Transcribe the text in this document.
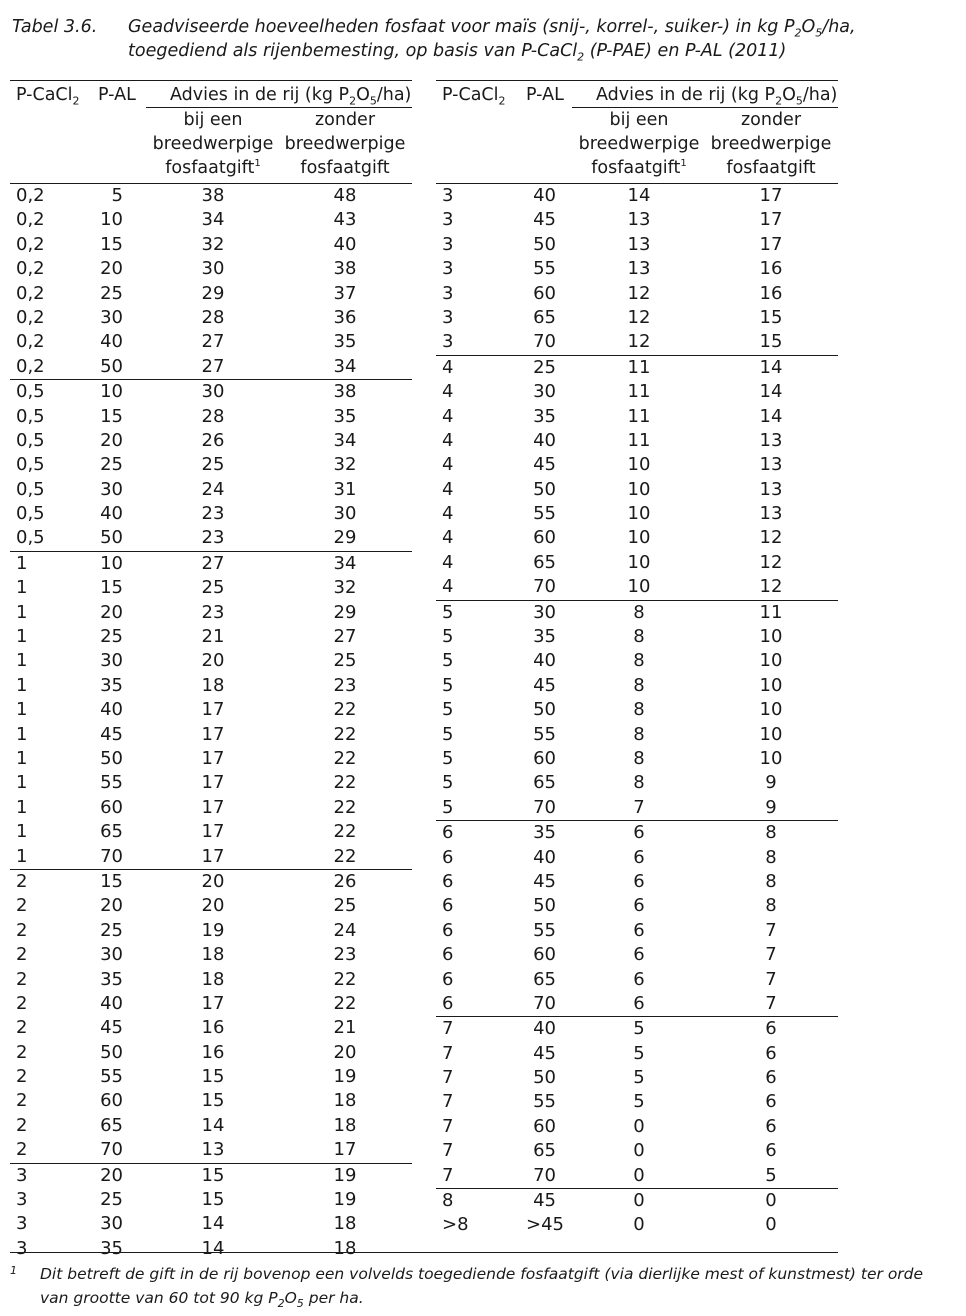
Tabel 3.6. Geadviseerde hoeveelheden fosfaat voor maïs (snij-, korrel-, suiker-) in kg $P_2O_5/ha$, toegediend als rijenbemesting, op basis van P-CaCl$_2$ (P-PAE) en P-AL (2011)
P-CaCl$_2$ P-AL Advies in de rij (kg $P_2O_5/ha$)
bij een
breedwerpige
fosfaatgift$^1$
zonder
breedwerpige
fosfaatgift
0,2	5	38	48
0,2	10	34	43
0,2	15	32	40
0,2	20	30	38
0,2	25	29	37
0,2	30	28	36
0,2	40	27	35
0,2	50	27	34
0,5	10	30	38
0,5	15	28	35
0,5	20	26	34
0,5	25	25	32
0,5	30	24	31
0,5	40	23	30
0,5	50	23	29
1	10	27	34
1	15	25	32
1	20	23	29
1	25	21	27
1	30	20	25
1	35	18	23
1	40	17	22
1	45	17	22
1	50	17	22
1	55	17	22
1	60	17	22
1	65	17	22
1	70	17	22
2	15	20	26
2	20	20	25
2	25	19	24
2	30	18	23
2	35	18	22
2	40	17	22
2	45	16	21
2	50	16	20
2	55	15	19
2	60	15	18
2	65	14	18
2	70	13	17
3	20	15	19
3	25	15	19
3	30	14	18
3	35	14	18
P-CaCl$_2$ P-AL Advies in de rij (kg $P_2O_5/ha$)
bij een
breedwerpige
fosfaatgift$^1$
zonder
breedwerpige
fosfaatgift
3	40	14	17
3	45	13	17
3	50	13	17
3	55	13	16
3	60	12	16
3	65	12	15
3	70	12	15
4	25	11	14
4	30	11	14
4	35	11	14
4	40	11	13
4	45	10	13
4	50	10	13
4	55	10	13
4	60	10	12
4	65	10	12
4	70	10	12
5	30	8	11
5	35	8	10
5	40	8	10
5	45	8	10
5	50	8	10
5	55	8	10
5	60	8	10
5	65	8	9
5	70	7	9
6	35	6	8
6	40	6	8
6	45	6	8
6	50	6	8
6	55	6	7
6	60	6	7
6	65	6	7
6	70	6	7
7	40	5	6
7	45	5	6
7	50	5	6
7	55	5	6
7	60	0	6
7	65	0	6
7	70	0	5
8	45	0	0
>8	>45	0	0
1 Dit betreft de gift in de rij bovenop een volvelds toegediende fosfaatgift (via dierlijke mest of kunstmest) ter orde van grootte van 60 tot 90 kg $P_2O_5$ per ha.
